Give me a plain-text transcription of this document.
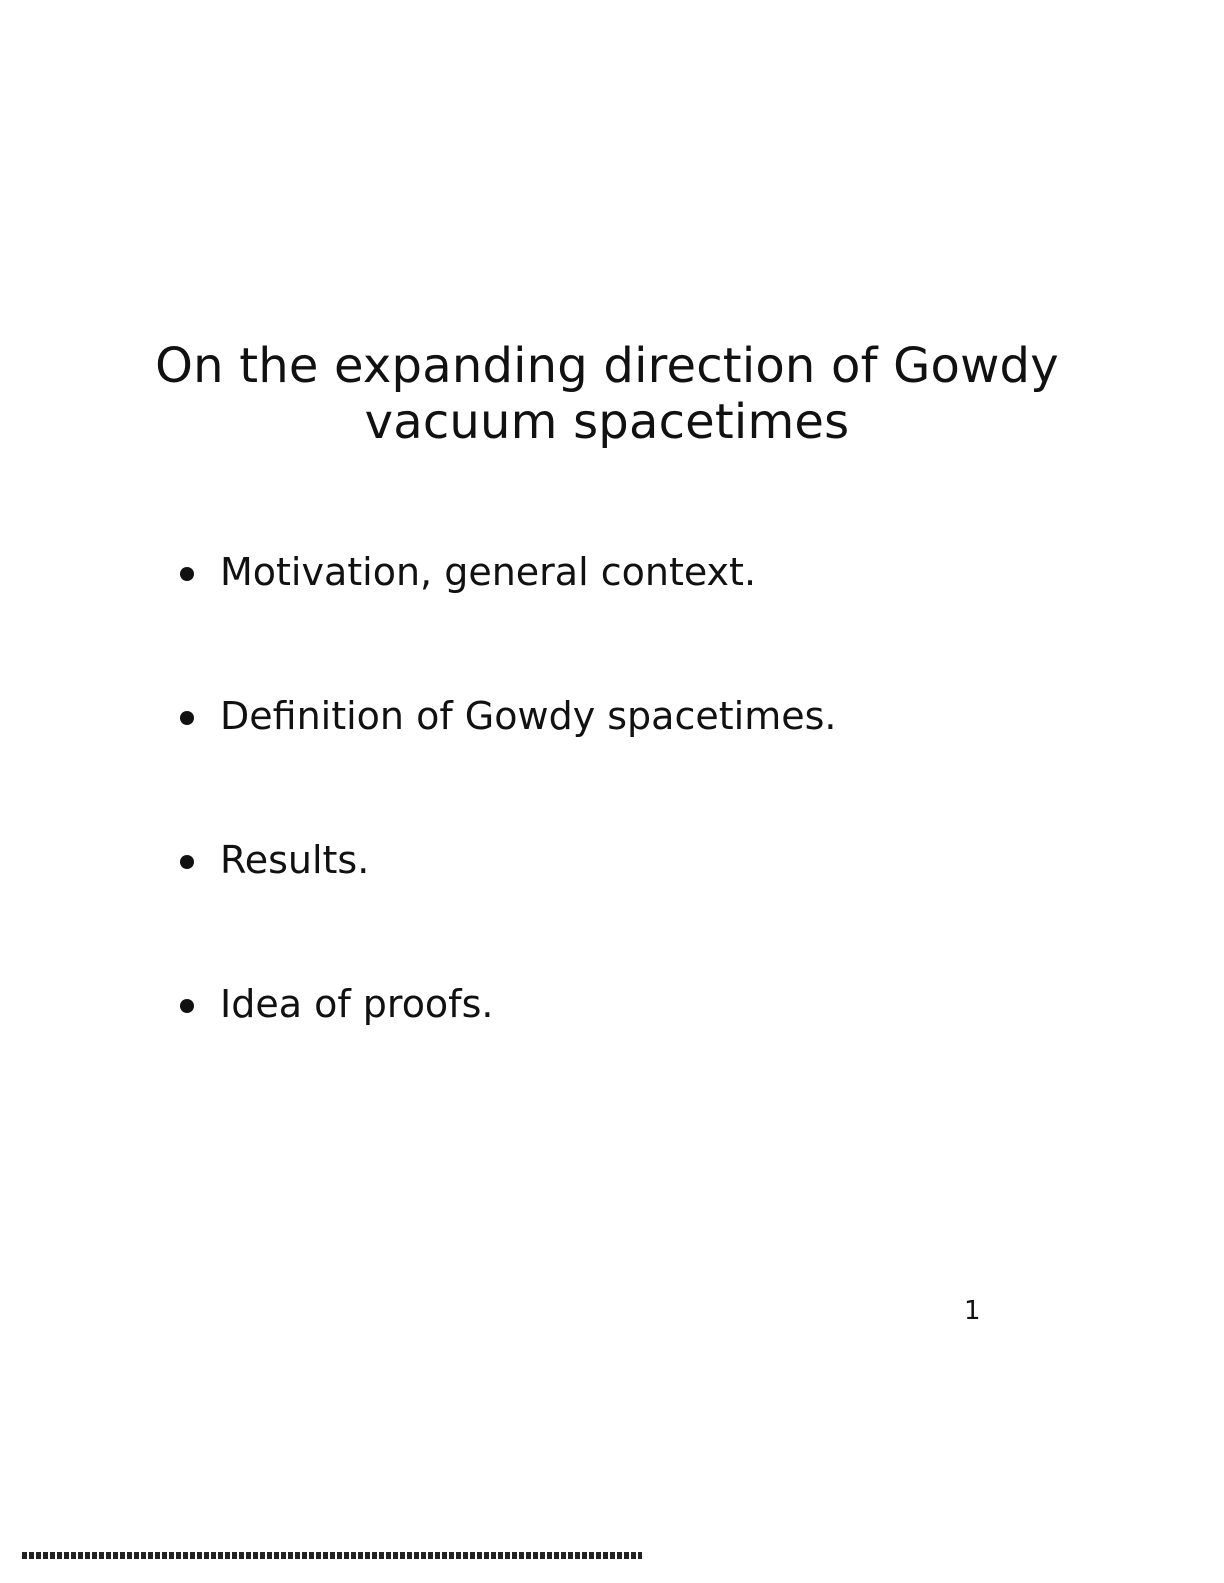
On the expanding direction of Gowdy
vacuum spacetimes
Motivation, general context.
Definition of Gowdy spacetimes.
Results.
Idea of proofs.
1
